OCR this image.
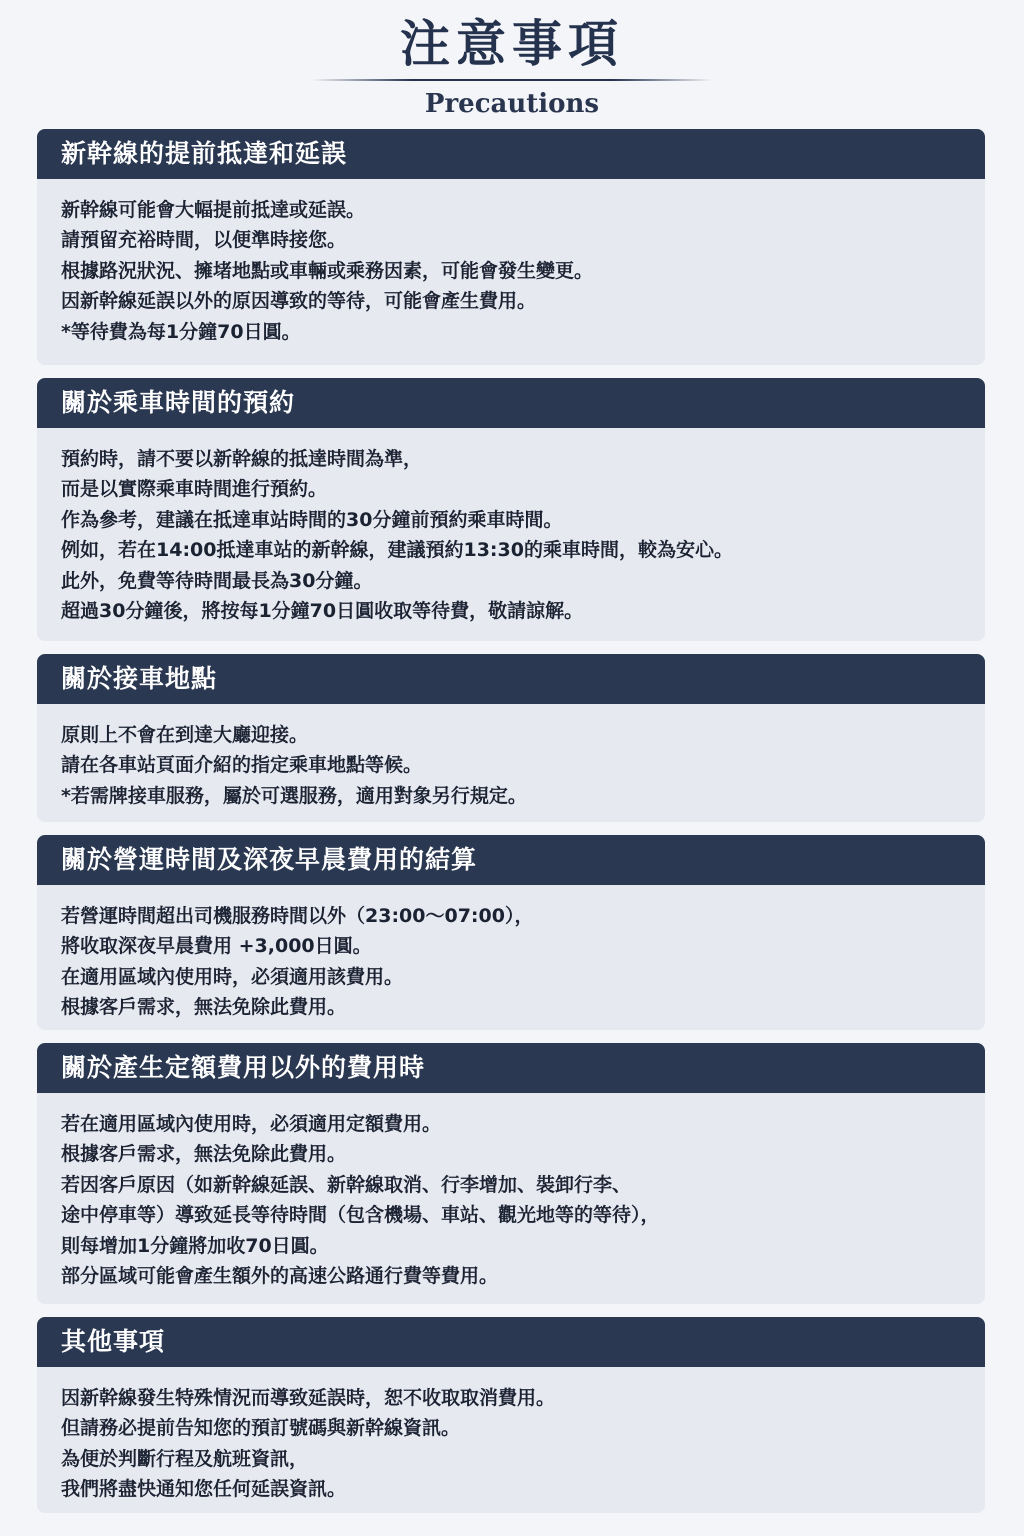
注意事項
Precautions
新幹線的提前抵達和延誤
新幹線可能會大幅提前抵達或延誤。
請預留充裕時間，以便準時接您。
根據路況狀況、擁堵地點或車輛或乘務因素，可能會發生變更。
因新幹線延誤以外的原因導致的等待，可能會產生費用。
*等待費為每1分鐘70日圓。
關於乘車時間的預約
預約時，請不要以新幹線的抵達時間為準，
而是以實際乘車時間進行預約。
作為參考，建議在抵達車站時間的30分鐘前預約乘車時間。
例如，若在14:00抵達車站的新幹線，建議預約13:30的乘車時間，較為安心。
此外，免費等待時間最長為30分鐘。
超過30分鐘後，將按每1分鐘70日圓收取等待費，敬請諒解。
關於接車地點
原則上不會在到達大廳迎接。
請在各車站頁面介紹的指定乘車地點等候。
*若需牌接車服務，屬於可選服務，適用對象另行規定。
關於營運時間及深夜早晨費用的結算
若營運時間超出司機服務時間以外（23:00～07:00），
將收取深夜早晨費用 +3,000日圓。
在適用區域內使用時，必須適用該費用。
根據客戶需求，無法免除此費用。
關於產生定額費用以外的費用時
若在適用區域內使用時，必須適用定額費用。
根據客戶需求，無法免除此費用。
若因客戶原因（如新幹線延誤、新幹線取消、行李增加、裝卸行李、
途中停車等）導致延長等待時間（包含機場、車站、觀光地等的等待），
則每增加1分鐘將加收70日圓。
部分區域可能會產生額外的高速公路通行費等費用。
其他事項
因新幹線發生特殊情況而導致延誤時，恕不收取取消費用。
但請務必提前告知您的預訂號碼與新幹線資訊。
為便於判斷行程及航班資訊，
我們將盡快通知您任何延誤資訊。
